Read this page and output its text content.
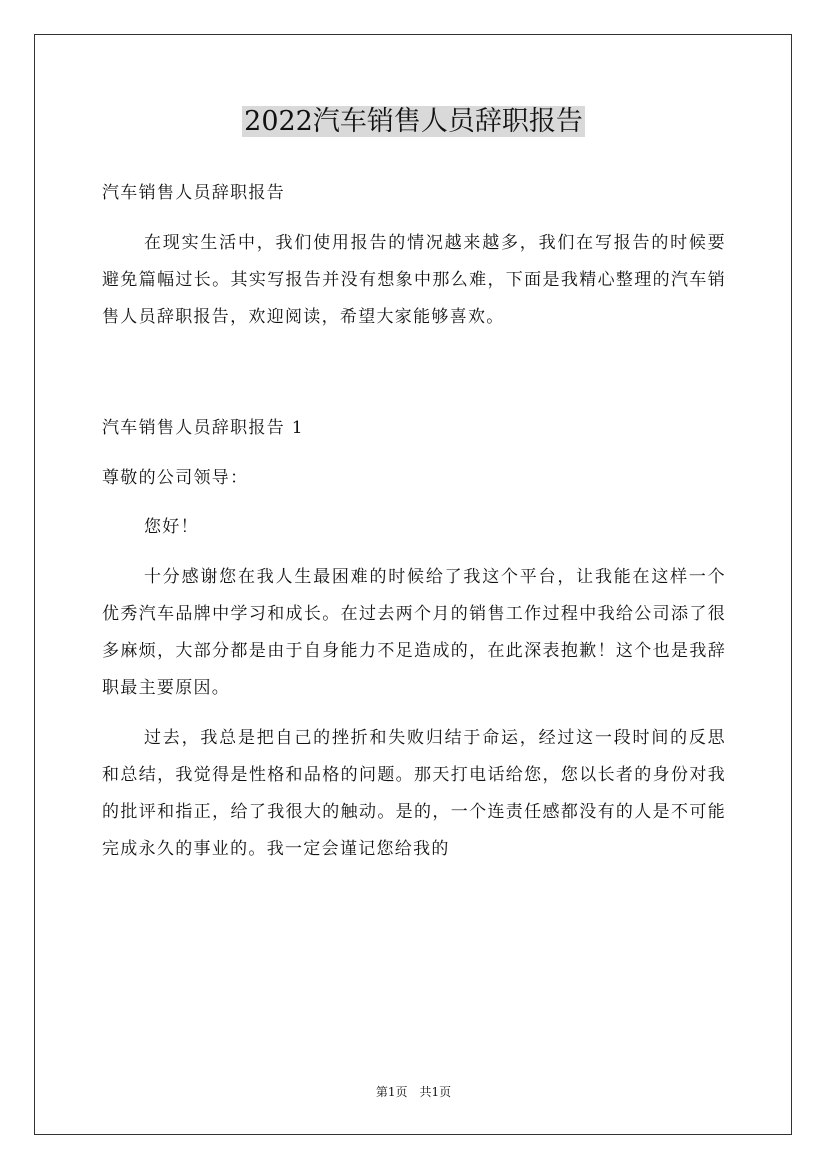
2022汽车销售人员辞职报告

汽车销售人员辞职报告

在现实生活中，我们使用报告的情况越来越多，我们在写报告的时候要避免篇幅过长。其实写报告并没有想象中那么难，下面是我精心整理的汽车销售人员辞职报告，欢迎阅读，希望大家能够喜欢。

汽车销售人员辞职报告 1

尊敬的公司领导：

您好！

十分感谢您在我人生最困难的时候给了我这个平台，让我能在这样一个优秀汽车品牌中学习和成长。在过去两个月的销售工作过程中我给公司添了很多麻烦，大部分都是由于自身能力不足造成的，在此深表抱歉！这个也是我辞职最主要原因。

过去，我总是把自己的挫折和失败归结于命运，经过这一段时间的反思和总结，我觉得是性格和品格的问题。那天打电话给您，您以长者的身份对我的批评和指正，给了我很大的触动。是的，一个连责任感都没有的人是不可能完成永久的事业的。我一定会谨记您给我的

第1页 共1页
